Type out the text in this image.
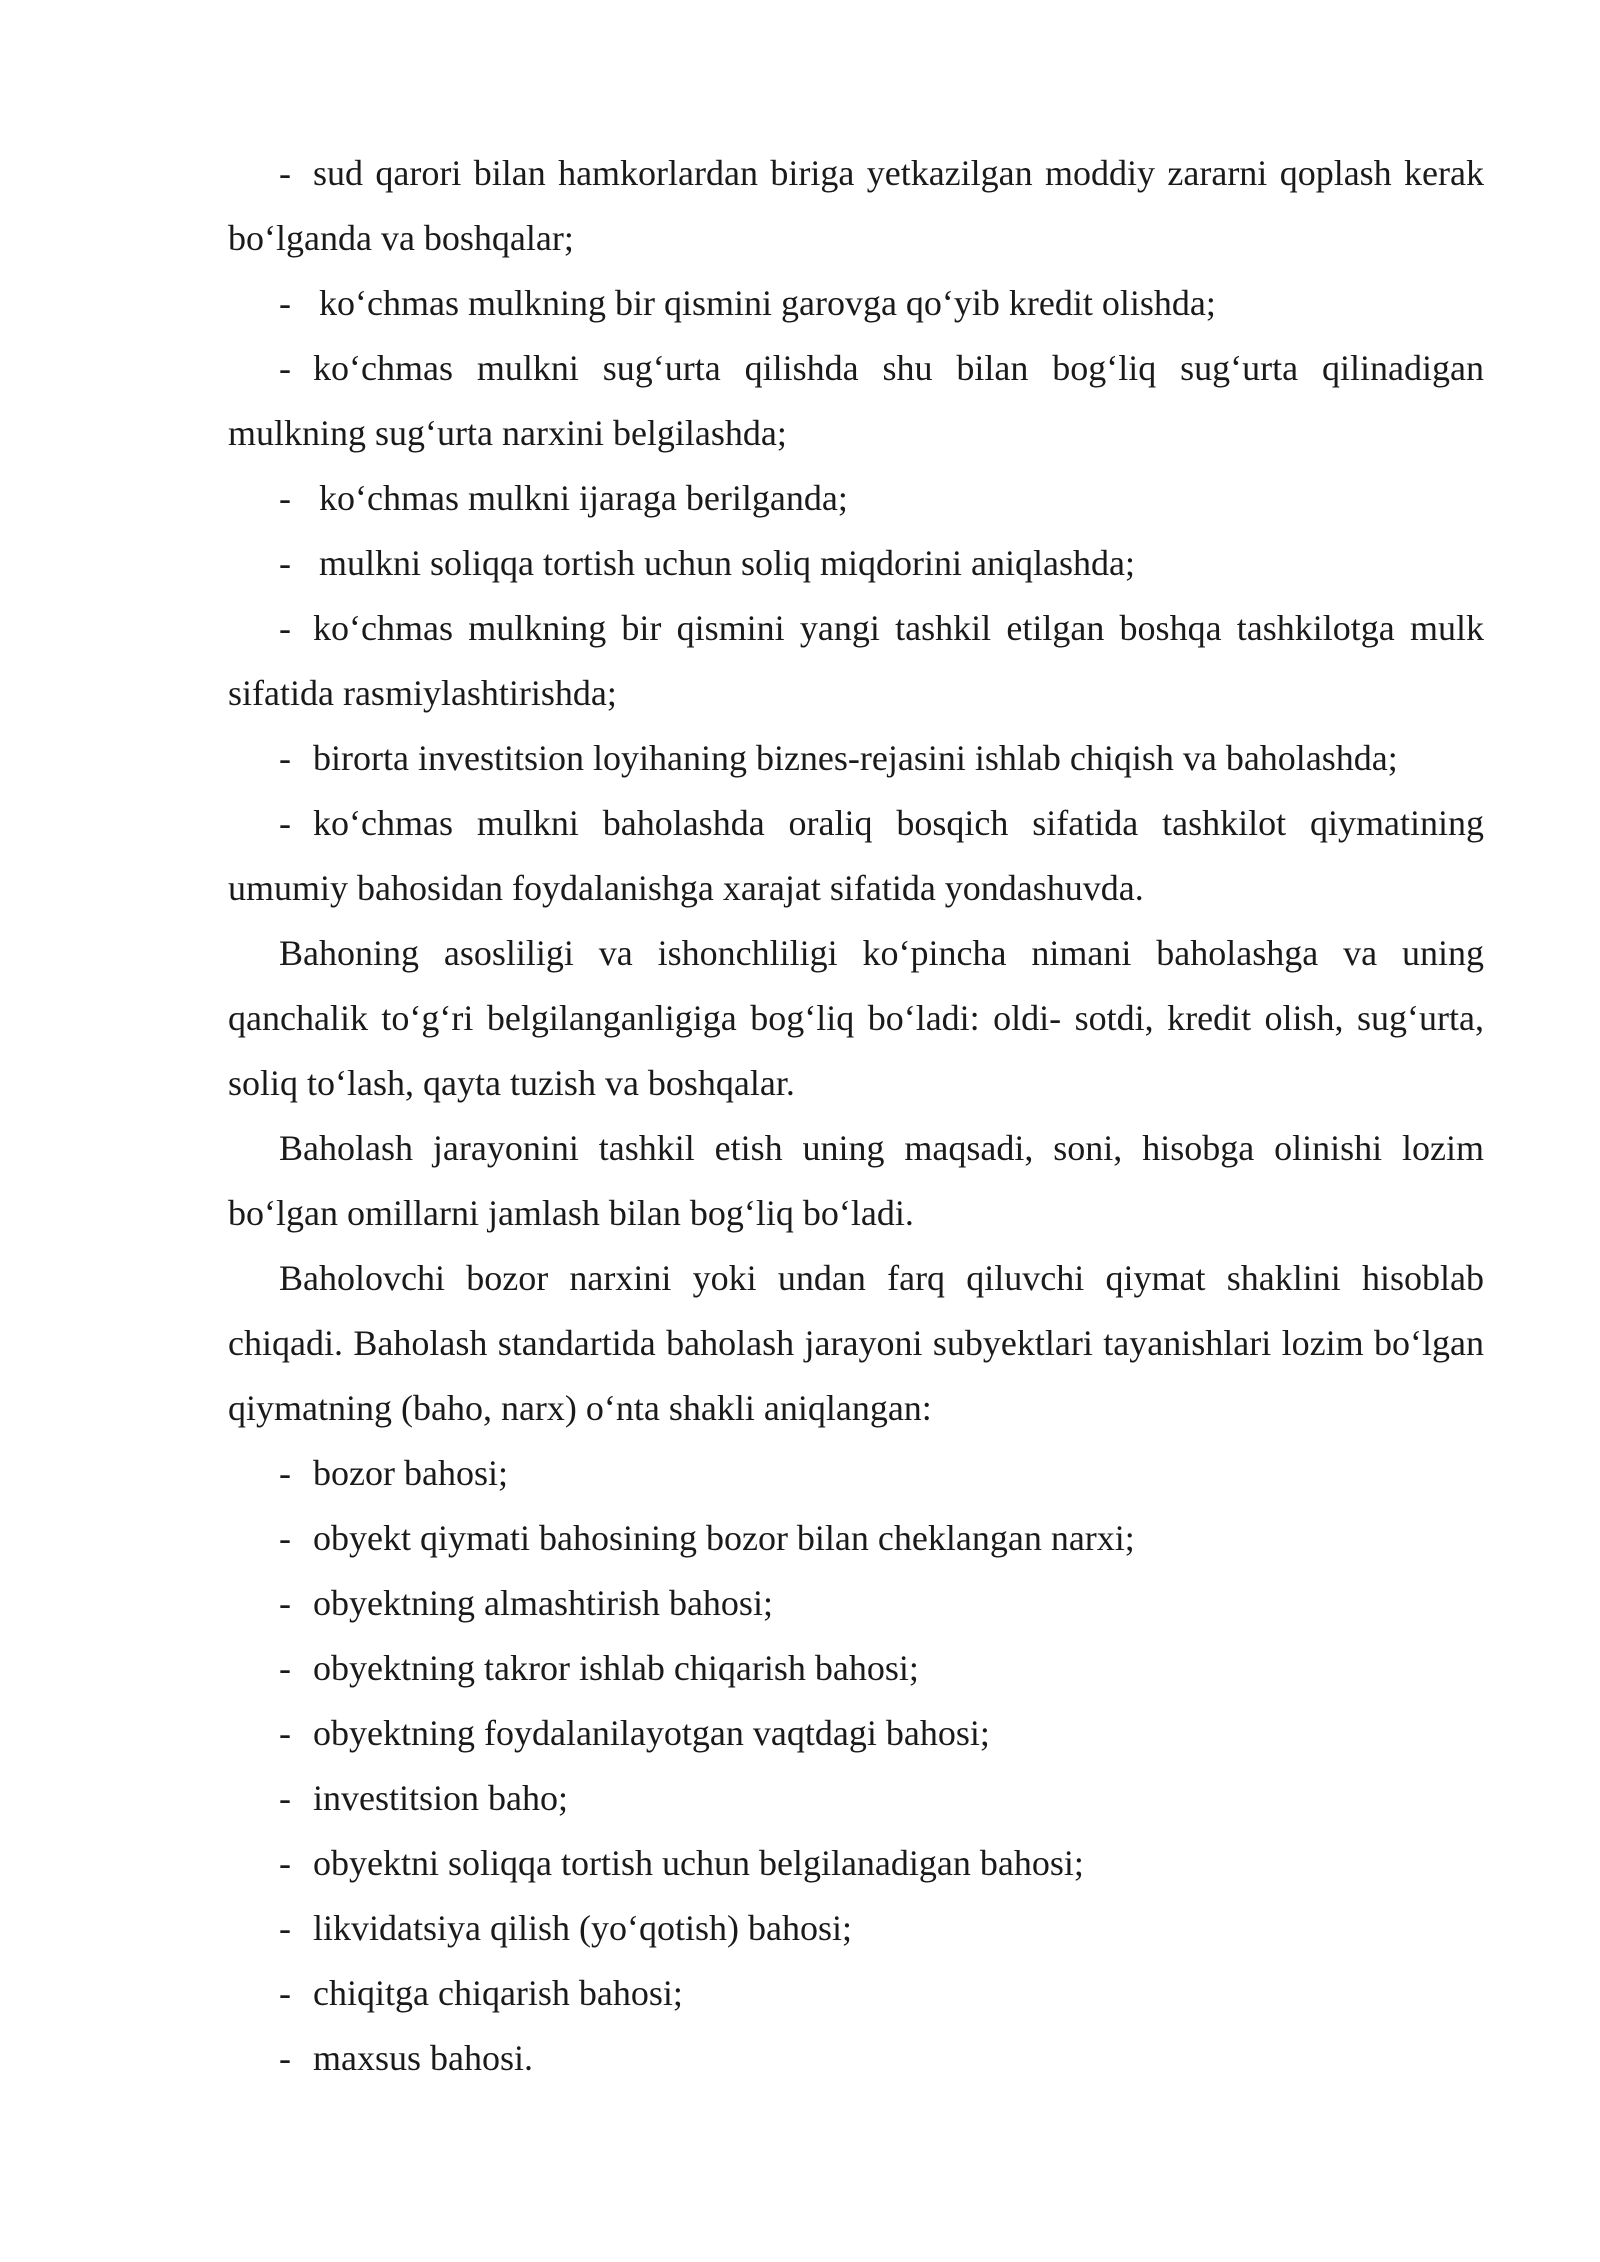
- sud qarori bilan hamkorlardan biriga yetkazilgan moddiy zararni qoplash kerak bo‘lganda va boshqalar;

- ko‘chmas mulkning bir qismini garovga qo‘yib kredit olishda;

- ko‘chmas mulkni sug‘urta qilishda shu bilan bog‘liq sug‘urta qilinadigan mulkning sug‘urta narxini belgilashda;

- ko‘chmas mulkni ijaraga berilganda;

- mulkni soliqqa tortish uchun soliq miqdorini aniqlashda;

- ko‘chmas mulkning bir qismini yangi tashkil etilgan boshqa tashkilotga mulk sifatida rasmiylashtirishda;

- birorta investitsion loyihaning biznes-rejasini ishlab chiqish va baholashda;

- ko‘chmas mulkni baholashda oraliq bosqich sifatida tashkilot qiymatining umumiy bahosidan foydalanishga xarajat sifatida yondashuvda.

Bahoning asosliligi va ishonchliligi ko‘pincha nimani baholashga va uning qanchalik to‘g‘ri belgilanganligiga bog‘liq bo‘ladi: oldi- sotdi, kredit olish, sug‘urta, soliq to‘lash, qayta tuzish va boshqalar.

Baholash jarayonini tashkil etish uning maqsadi, soni, hisobga olinishi lozim bo‘lgan omillarni jamlash bilan bog‘liq bo‘ladi.

Baholovchi bozor narxini yoki undan farq qiluvchi qiymat shaklini hisoblab chiqadi. Baholash standartida baholash jarayoni subyektlari tayanishlari lozim bo‘lgan qiymatning (baho, narx) o‘nta shakli aniqlangan:

- bozor bahosi;

- obyekt qiymati bahosining bozor bilan cheklangan narxi;

- obyektning almashtirish bahosi;

- obyektning takror ishlab chiqarish bahosi;

- obyektning foydalanilayotgan vaqtdagi bahosi;

- investitsion baho;

- obyektni soliqqa tortish uchun belgilanadigan bahosi;

- likvidatsiya qilish (yo‘qotish) bahosi;

- chiqitga chiqarish bahosi;

- maxsus bahosi.
